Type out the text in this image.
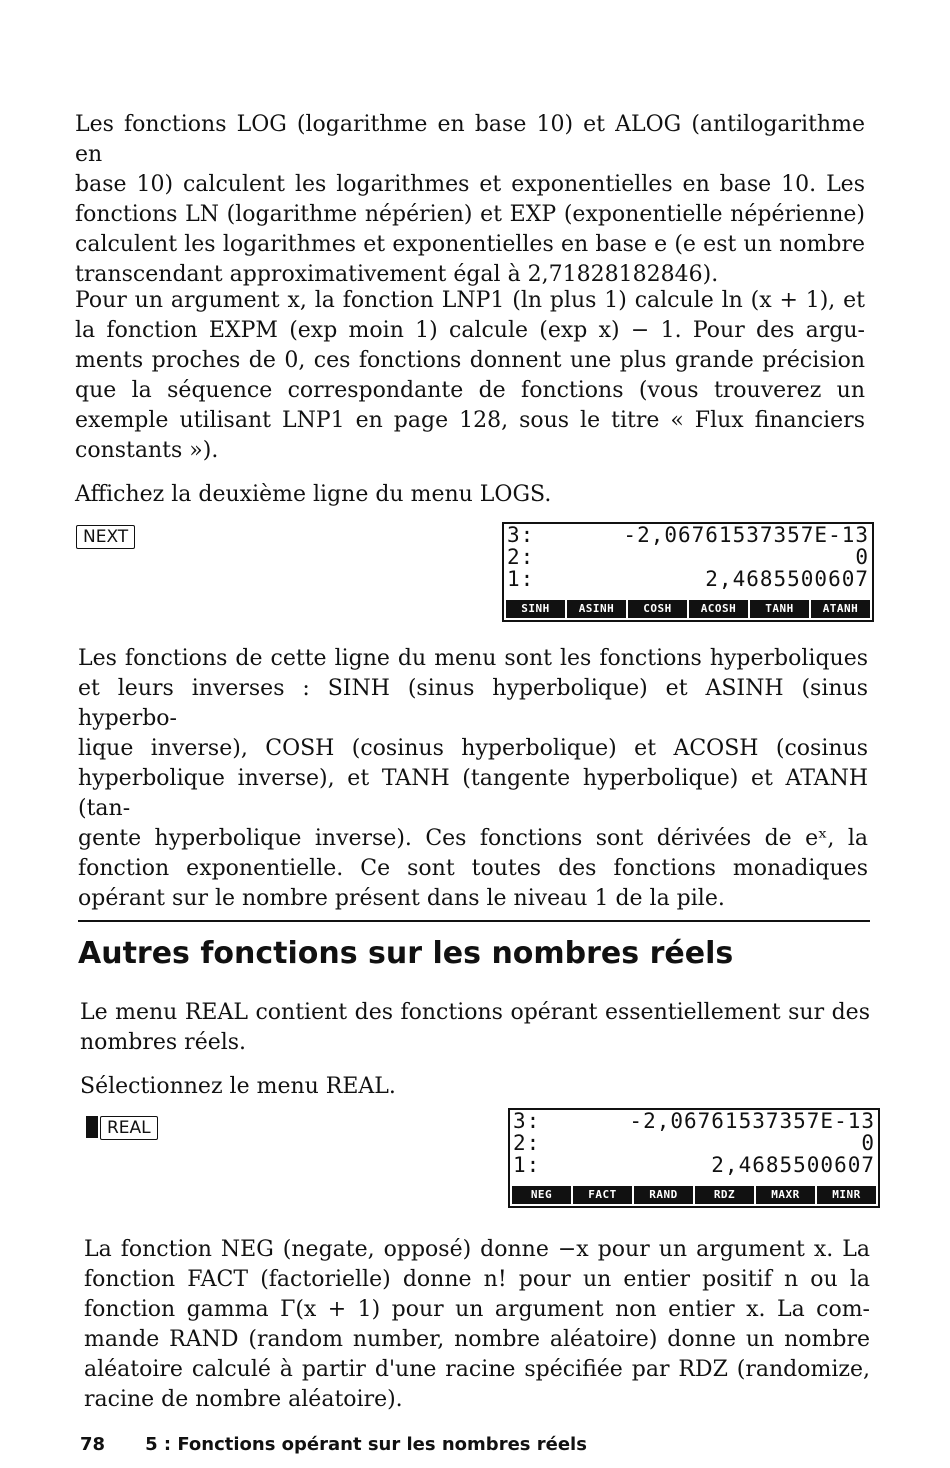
Les fonctions LOG (logarithme en base 10) et ALOG (antilogarithme en
base 10) calculent les logarithmes et exponentielles en base 10. Les
fonctions LN (logarithme népérien) et EXP (exponentielle népérienne)
calculent les logarithmes et exponentielles en base e (e est un nombre
transcendant approximativement égal à 2,71828182846).
Pour un argument x, la fonction LNP1 (ln plus 1) calcule ln (x + 1), et
la fonction EXPM (exp moin 1) calcule (exp x) − 1. Pour des argu-
ments proches de 0, ces fonctions donnent une plus grande précision
que la séquence correspondante de fonctions (vous trouverez un
exemple utilisant LNP1 en page 128, sous le titre « Flux financiers
constants »).
Affichez la deuxième ligne du menu LOGS.
NEXT	3:	-2,06761537357E-13
2:	0
1:	2,4685500607
SINH	ASINH	COSH	ACOSH	TANH	ATANH
Les fonctions de cette ligne du menu sont les fonctions hyperboliques
et leurs inverses : SINH (sinus hyperbolique) et ASINH (sinus hyperbo-
lique inverse), COSH (cosinus hyperbolique) et ACOSH (cosinus
hyperbolique inverse), et TANH (tangente hyperbolique) et ATANH (tan-
gente hyperbolique inverse). Ces fonctions sont dérivées de eˣ, la
fonction exponentielle. Ce sont toutes des fonctions monadiques
opérant sur le nombre présent dans le niveau 1 de la pile.
Autres fonctions sur les nombres réels
Le menu REAL contient des fonctions opérant essentiellement sur des
nombres réels.
Sélectionnez le menu REAL.
REAL	3:	-2,06761537357E-13
2:	0
1:	2,4685500607
NEG	FACT	RAND	RDZ	MAXR	MINR
La fonction NEG (negate, opposé) donne −x pour un argument x. La
fonction FACT (factorielle) donne n! pour un entier positif n ou la
fonction gamma Γ(x + 1) pour un argument non entier x. La com-
mande RAND (random number, nombre aléatoire) donne un nombre
aléatoire calculé à partir d'une racine spécifiée par RDZ (randomize,
racine de nombre aléatoire).

78 5 : Fonctions opérant sur les nombres réels
